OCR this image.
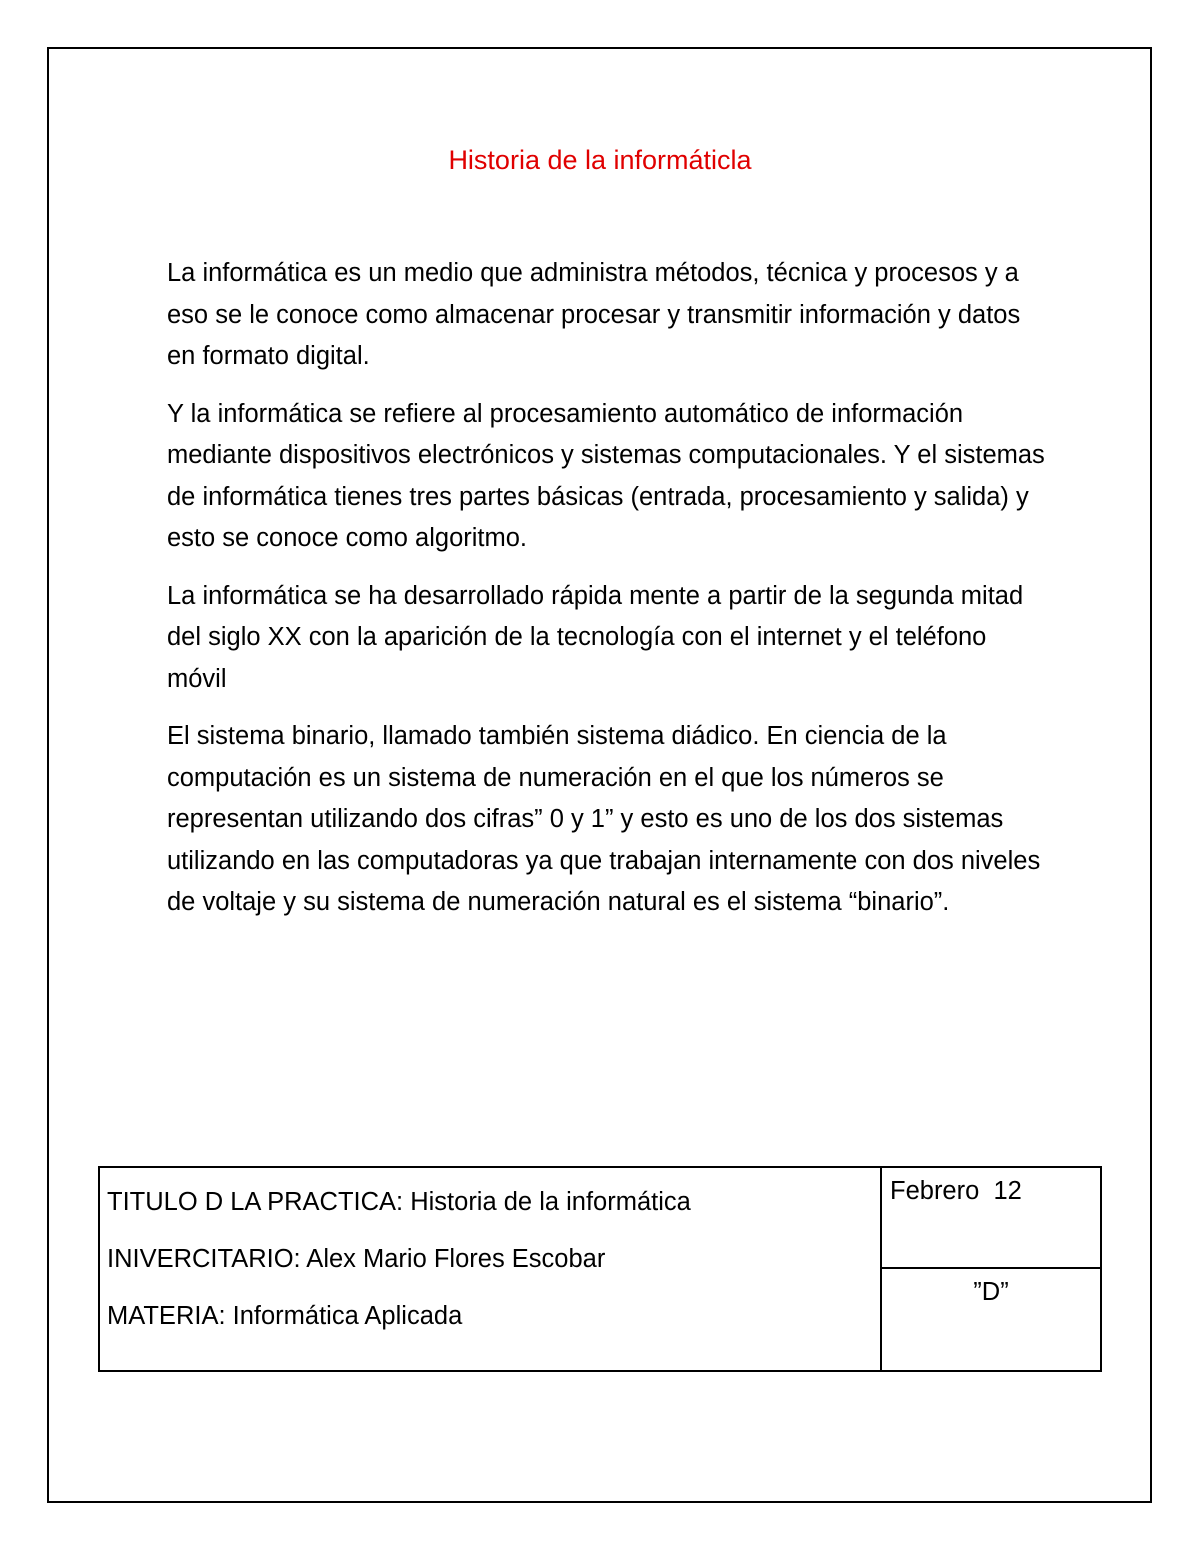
Historia de la informáticla

La informática es un medio que administra métodos, técnica y procesos y a eso se le conoce como almacenar procesar y transmitir información y datos en formato digital.

Y la informática se refiere al procesamiento automático de información mediante dispositivos electrónicos y sistemas computacionales. Y el sistemas de informática tienes tres partes básicas (entrada, procesamiento y salida) y esto se conoce como algoritmo.

La informática se ha desarrollado rápida mente a partir de la segunda mitad del siglo XX con la aparición de la tecnología con el internet y el teléfono móvil

El sistema binario, llamado también sistema diádico. En ciencia de la computación es un sistema de numeración en el que los números se representan utilizando dos cifras” 0 y 1” y esto es uno de los dos sistemas utilizando en las computadoras ya que trabajan internamente con dos niveles de voltaje y su sistema de numeración natural es el sistema “binario”.

TITULO D LA PRACTICA: Historia de la informática
INIVERCITARIO: Alex Mario Flores Escobar
MATERIA: Informática Aplicada
Febrero  12
”D”
